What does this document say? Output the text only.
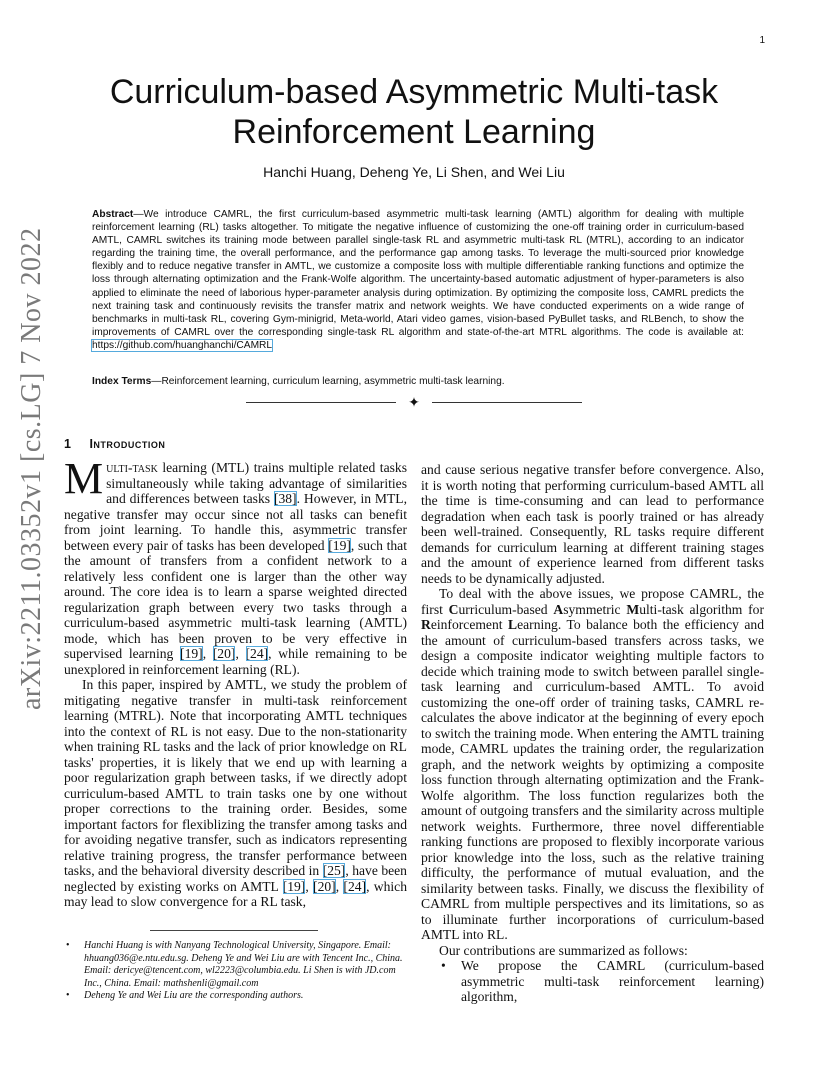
1
arXiv:2211.03352v1 [cs.LG] 7 Nov 2022
Curriculum-based Asymmetric Multi-task
Reinforcement Learning
Hanchi Huang, Deheng Ye, Li Shen, and Wei Liu
Abstract—We introduce CAMRL, the first curriculum-based asymmetric multi-task learning (AMTL) algorithm for dealing with multiple reinforcement learning (RL) tasks altogether. To mitigate the negative influence of customizing the one-off training order in curriculum-based AMTL, CAMRL switches its training mode between parallel single-task RL and asymmetric multi-task RL (MTRL), according to an indicator regarding the training time, the overall performance, and the performance gap among tasks. To leverage the multi-sourced prior knowledge flexibly and to reduce negative transfer in AMTL, we customize a composite loss with multiple differentiable ranking functions and optimize the loss through alternating optimization and the Frank-Wolfe algorithm. The uncertainty-based automatic adjustment of hyper-parameters is also applied to eliminate the need of laborious hyper-parameter analysis during optimization. By optimizing the composite loss, CAMRL predicts the next training task and continuously revisits the transfer matrix and network weights. We have conducted experiments on a wide range of benchmarks in multi-task RL, covering Gym-minigrid, Meta-world, Atari video games, vision-based PyBullet tasks, and RLBench, to show the improvements of CAMRL over the corresponding single-task RL algorithm and state-of-the-art MTRL algorithms. The code is available at: https://github.com/huanghanchi/CAMRL
Index Terms—Reinforcement learning, curriculum learning, asymmetric multi-task learning.
✦
1 Introduction

Multi-task learning (MTL) trains multiple related tasks simultaneously while taking advantage of similarities and differences between tasks [38]. However, in MTL, negative transfer may occur since not all tasks can benefit from joint learning. To handle this, asymmetric transfer between every pair of tasks has been developed [19], such that the amount of transfers from a confident network to a relatively less confident one is larger than the other way around. The core idea is to learn a sparse weighted directed regularization graph between every two tasks through a curriculum-based asymmetric multi-task learning (AMTL) mode, which has been proven to be very effective in supervised learning [19], [20], [24], while remaining to be unexplored in reinforcement learning (RL).

In this paper, inspired by AMTL, we study the problem of mitigating negative transfer in multi-task reinforcement learning (MTRL). Note that incorporating AMTL techniques into the context of RL is not easy. Due to the non-stationarity when training RL tasks and the lack of prior knowledge on RL tasks' properties, it is likely that we end up with learning a poor regularization graph between tasks, if we directly adopt curriculum-based AMTL to train tasks one by one without proper corrections to the training order. Besides, some important factors for flexiblizing the transfer among tasks and for avoiding negative transfer, such as indicators representing relative training progress, the transfer performance between tasks, and the behavioral diversity described in [25], have been neglected by existing works on AMTL [19], [20], [24], which may lead to slow convergence for a RL task,

• Hanchi Huang is with Nanyang Technological University, Singapore. Email: hhuang036@e.ntu.edu.sg. Deheng Ye and Wei Liu are with Tencent Inc., China. Email: dericye@tencent.com, wl2223@columbia.edu. Li Shen is with JD.com Inc., China. Email: mathshenli@gmail.com
• Deheng Ye and Wei Liu are the corresponding authors.

and cause serious negative transfer before convergence. Also, it is worth noting that performing curriculum-based AMTL all the time is time-consuming and can lead to performance degradation when each task is poorly trained or has already been well-trained. Consequently, RL tasks require different demands for curriculum learning at different training stages and the amount of experience learned from different tasks needs to be dynamically adjusted.

To deal with the above issues, we propose CAMRL, the first Curriculum-based Asymmetric Multi-task algorithm for Reinforcement Learning. To balance both the efficiency and the amount of curriculum-based transfers across tasks, we design a composite indicator weighting multiple factors to decide which training mode to switch between parallel single-task learning and curriculum-based AMTL. To avoid customizing the one-off order of training tasks, CAMRL re-calculates the above indicator at the beginning of every epoch to switch the training mode. When entering the AMTL training mode, CAMRL updates the training order, the regularization graph, and the network weights by optimizing a composite loss function through alternating optimization and the Frank-Wolfe algorithm. The loss function regularizes both the amount of outgoing transfers and the similarity across multiple network weights. Furthermore, three novel differentiable ranking functions are proposed to flexibly incorporate various prior knowledge into the loss, such as the relative training difficulty, the performance of mutual evaluation, and the similarity between tasks. Finally, we discuss the flexibility of CAMRL from multiple perspectives and its limitations, so as to illuminate further incorporations of curriculum-based AMTL into RL.

Our contributions are summarized as follows:

• We propose the CAMRL (curriculum-based asymmetric multi-task reinforcement learning) algorithm,
